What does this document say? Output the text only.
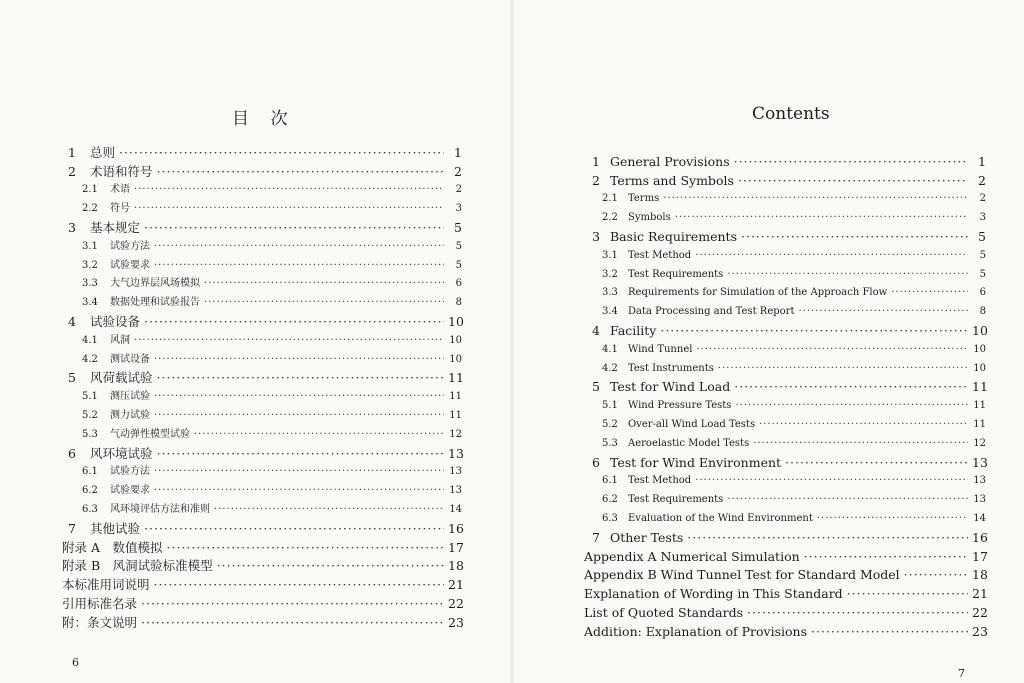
目    次
1	总则 ·····	1
2	术语和符号 ·····	2
2.1	术语 ·····	2
2.2	符号 ·····	3
3	基本规定 ·····	5
3.1	试验方法 ·····	5
3.2	试验要求 ·····	5
3.3	大气边界层风场模拟 ·····	6
3.4	数据处理和试验报告 ·····	8
4	试验设备 ·····	10
4.1	风洞 ·····	10
4.2	测试设备 ·····	10
5	风荷载试验 ·····	11
5.1	测压试验 ·····	11
5.2	测力试验 ·····	11
5.3	气动弹性模型试验 ·····	12
6	风环境试验 ·····	13
6.1	试验方法 ·····	13
6.2	试验要求 ·····	13
6.3	风环境评估方法和准则 ·····	14
7	其他试验 ·····	16
附录 A　数值模拟 ·····	17
附录 B　风洞试验标准模型 ·····	18
本标准用词说明 ·····	21
引用标准名录 ·····	22
附：条文说明 ·····	23
6
Contents
1 General Provisions ·····	1
2 Terms and Symbols ·····	2
2.1	Terms ·····	2
2.2	Symbols ·····	3
3 Basic Requirements ·····	5
3.1	Test Method ·····	5
3.2	Test Requirements ·····	5
3.3	Requirements for Simulation of the Approach Flow ·····	6
3.4	Data Processing and Test Report ·····	8
4 Facility ·····	10
4.1	Wind Tunnel ·····	10
4.2	Test Instruments ·····	10
5 Test for Wind Load ·····	11
5.1	Wind Pressure Tests ·····	11
5.2	Over-all Wind Load Tests ·····	11
5.3	Aeroelastic Model Tests ·····	12
6 Test for Wind Environment ·····	13
6.1	Test Method ·····	13
6.2	Test Requirements ·····	13
6.3	Evaluation of the Wind Environment ·····	14
7 Other Tests ·····	16
Appendix A Numerical Simulation ·····	17
Appendix B Wind Tunnel Test for Standard Model ·····	18
Explanation of Wording in This Standard ·····	21
List of Quoted Standards ·····	22
Addition: Explanation of Provisions ·····	23
7
